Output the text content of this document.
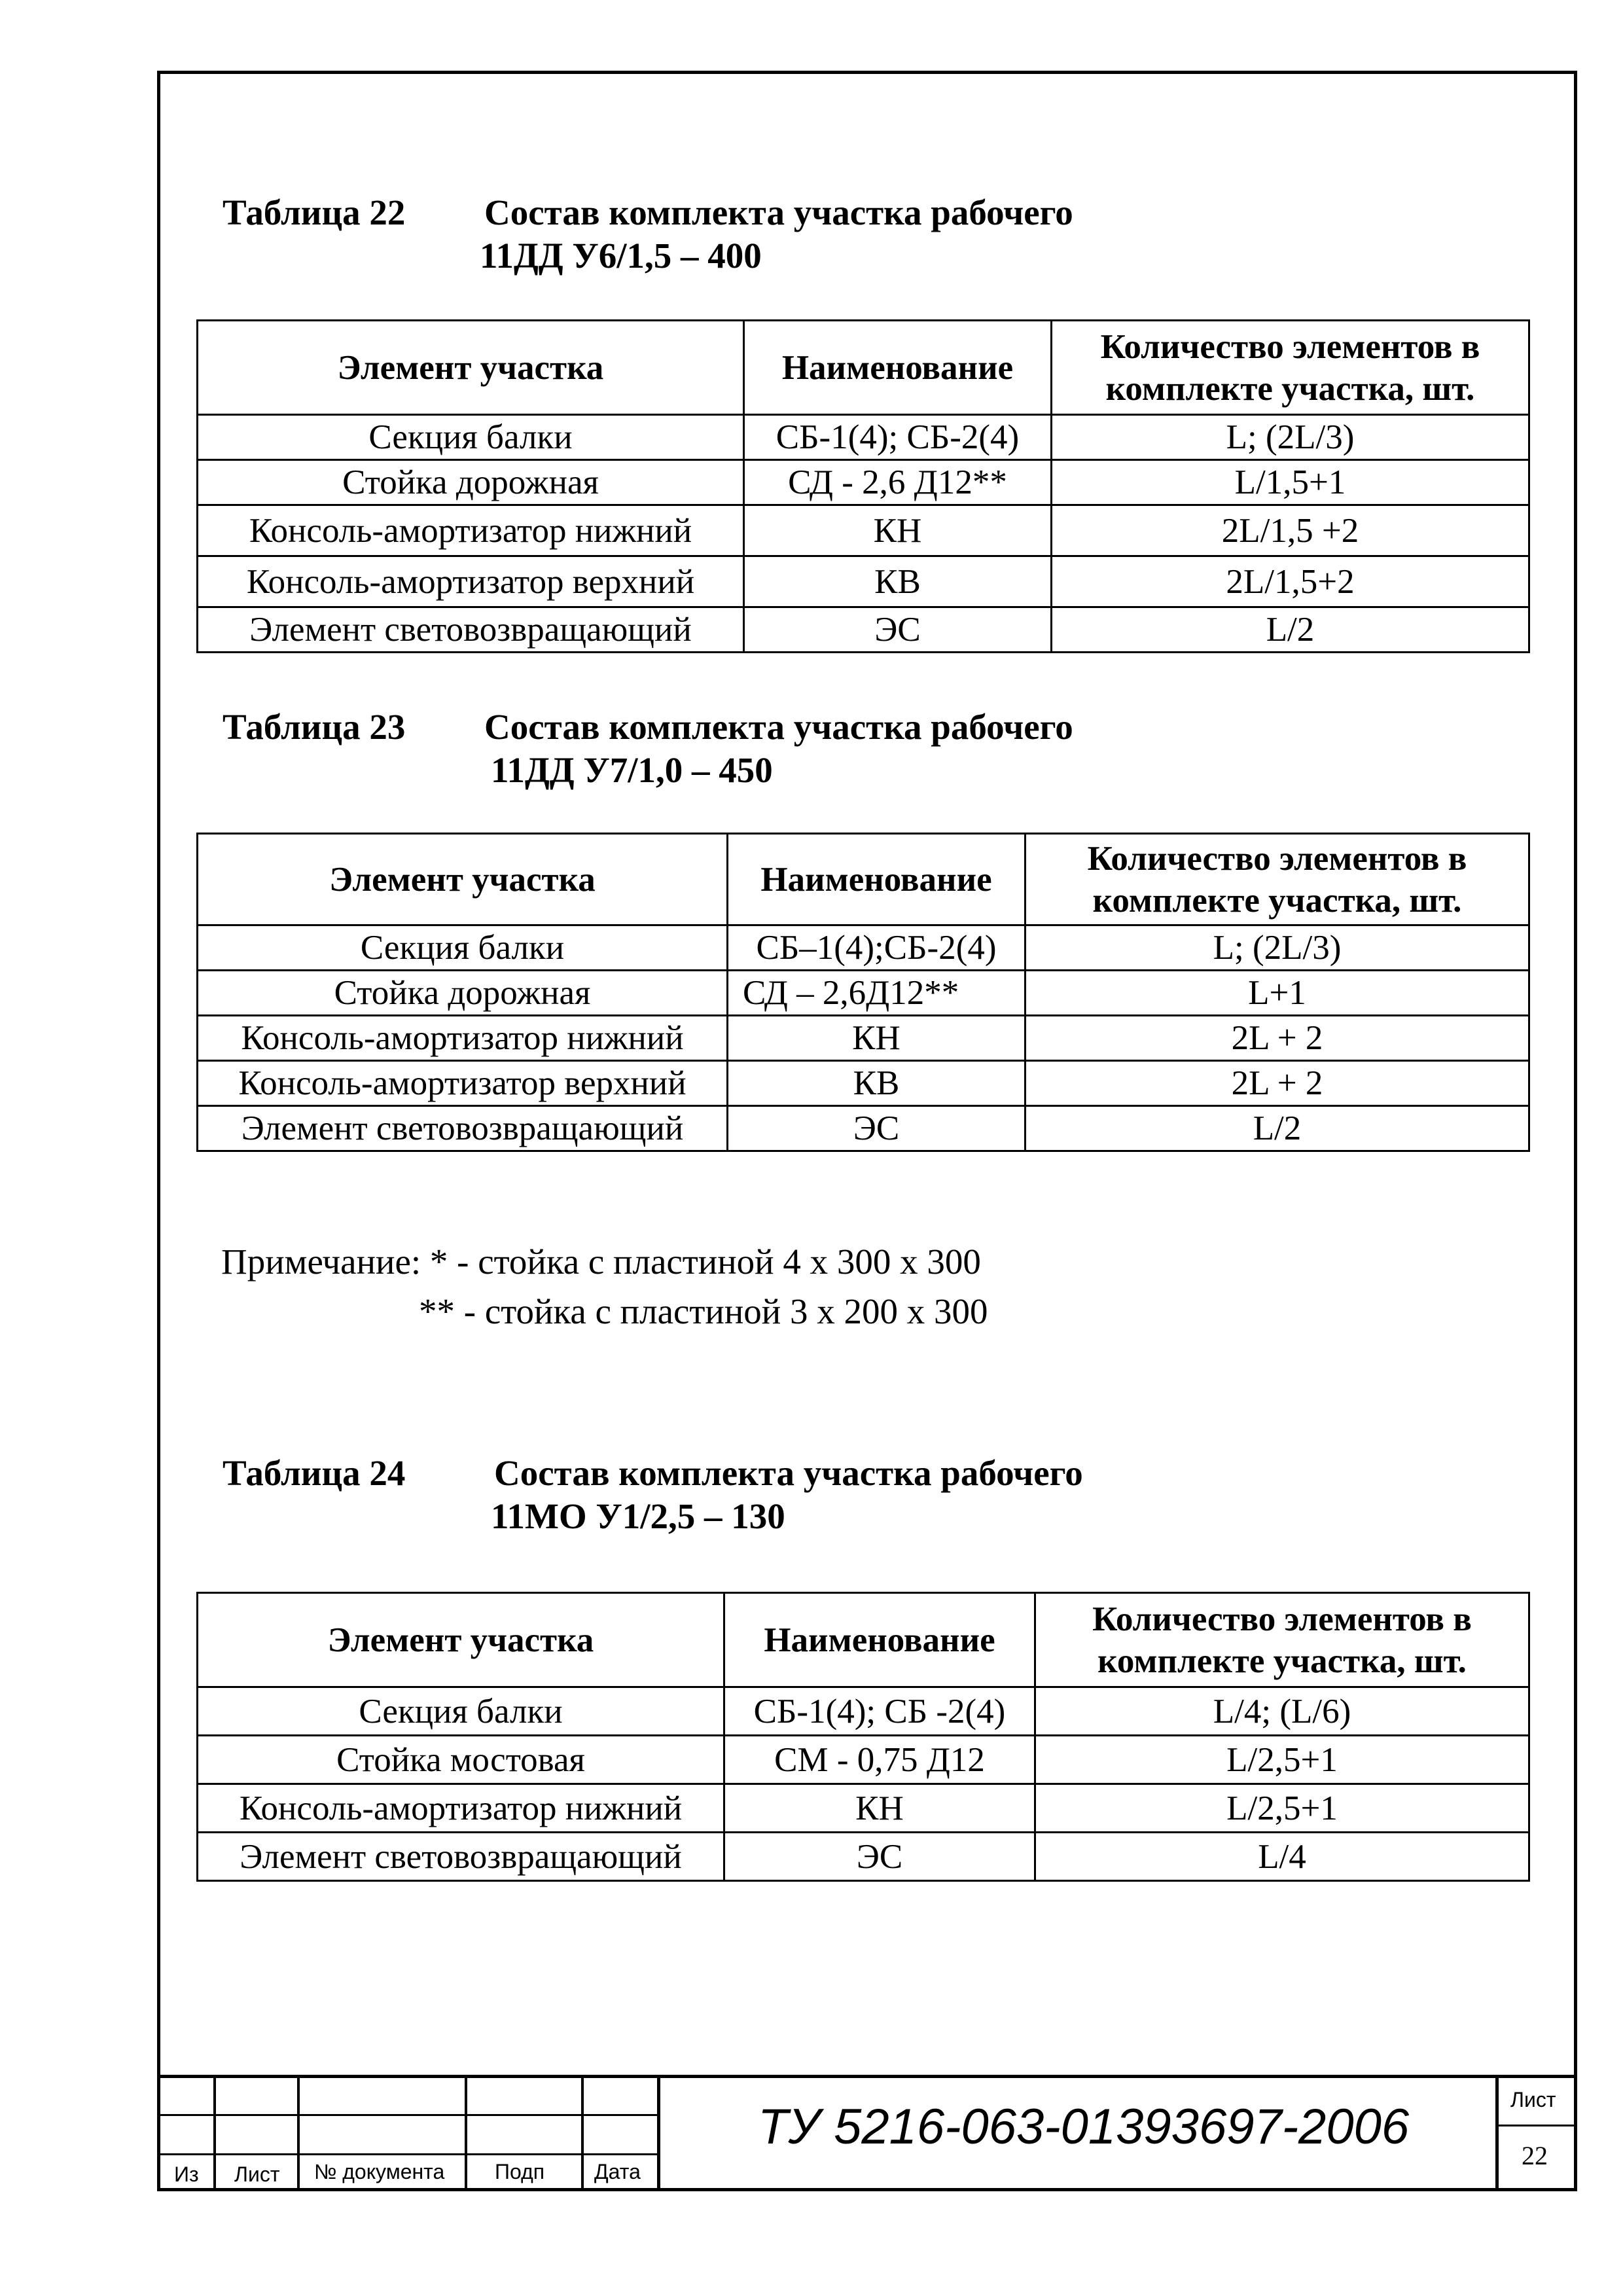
Таблица 22 Состав комплекта участка рабочего
11ДД У6/1,5 – 400
Элемент участка	Наименование	Количество элементов в комплекте участка, шт.
Секция балки	СБ-1(4); СБ-2(4)	L; (2L/3)
Стойка дорожная	СД - 2,6 Д12**	L/1,5+1
Консоль-амортизатор нижний	КН	2L/1,5 +2
Консоль-амортизатор верхний	КВ	2L/1,5+2
Элемент световозвращающий	ЭС	L/2
Таблица 23 Состав комплекта участка рабочего
11ДД У7/1,0 – 450
Элемент участка	Наименование	Количество элементов в комплекте участка, шт.
Секция балки	СБ–1(4);СБ-2(4)	L; (2L/3)
Стойка дорожная	СД – 2,6Д12**	L+1
Консоль-амортизатор нижний	КН	2L + 2
Консоль-амортизатор верхний	КВ	2L + 2
Элемент световозвращающий	ЭС	L/2
Примечание: * - стойка с пластиной 4 х 300 х 300
** - стойка с пластиной 3 х 200 х 300
Таблица 24 Состав комплекта участка рабочего
11МО У1/2,5 – 130
Элемент участка	Наименование	Количество элементов в комплекте участка, шт.
Секция балки	СБ-1(4); СБ -2(4)	L/4; (L/6)
Стойка мостовая	СМ - 0,75 Д12	L/2,5+1
Консоль-амортизатор нижний	КН	L/2,5+1
Элемент световозвращающий	ЭС	L/4
Из Лист № документа Подп Дата
ТУ 5216-063-01393697-2006	Лист
22
